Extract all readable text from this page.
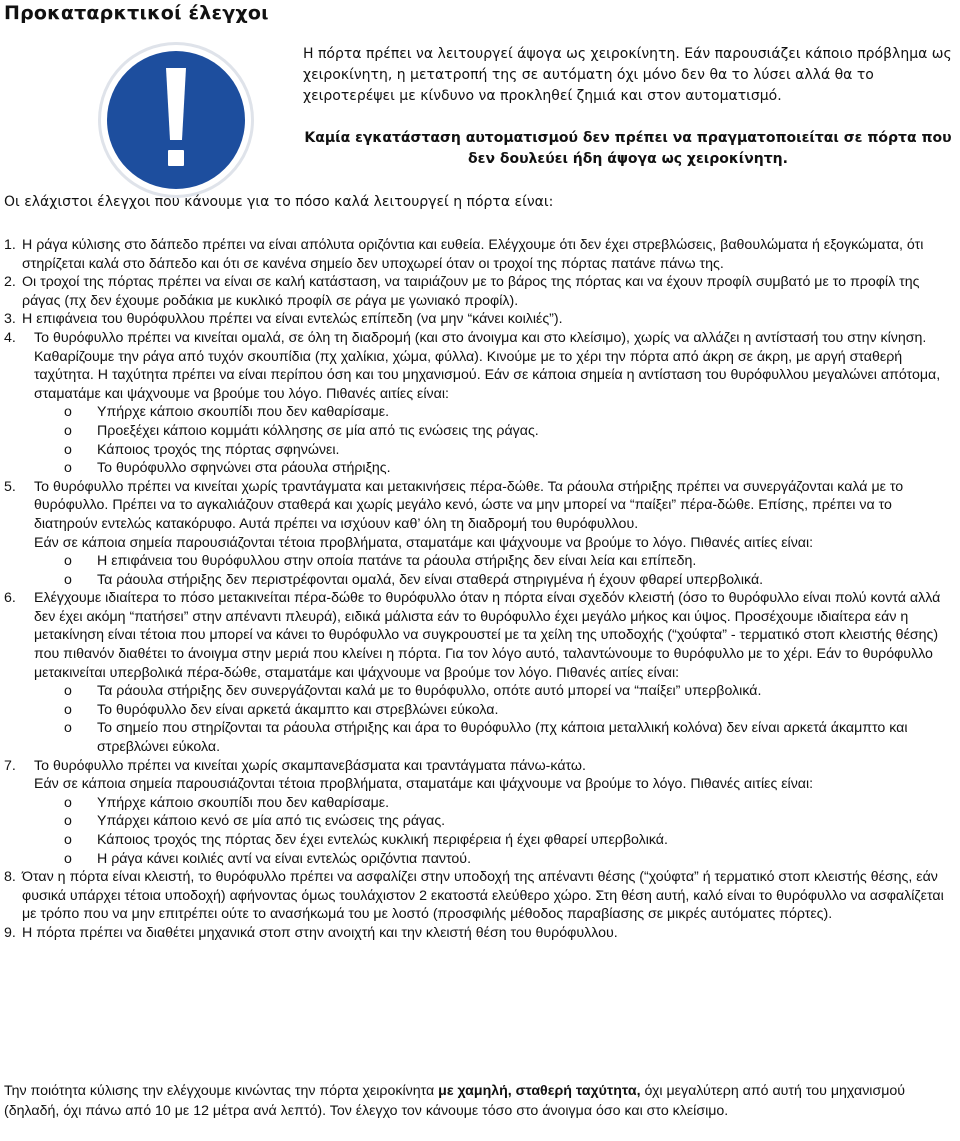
Προκαταρκτικοί έλεγχοι

Η πόρτα πρέπει να λειτουργεί άψογα ως χειροκίνητη. Εάν παρουσιάζει κάποιο πρόβλημα ως χειροκίνητη, η μετατροπή της σε αυτόματη όχι μόνο δεν θα το λύσει αλλά θα το χειροτερέψει με κίνδυνο να προκληθεί ζημιά και στον αυτοματισμό.

Καμία εγκατάσταση αυτοματισμού δεν πρέπει να πραγματοποιείται σε πόρτα που δεν δουλεύει ήδη άψογα ως χειροκίνητη.

Οι ελάχιστοι έλεγχοι που κάνουμε για το πόσο καλά λειτουργεί η πόρτα είναι:

1. Η ράγα κύλισης στο δάπεδο πρέπει να είναι απόλυτα οριζόντια και ευθεία. Ελέγχουμε ότι δεν έχει στρεβλώσεις, βαθουλώματα ή εξογκώματα, ότι στηρίζεται καλά στο δάπεδο και ότι σε κανένα σημείο δεν υποχωρεί όταν οι τροχοί της πόρτας πατάνε πάνω της.
2. Οι τροχοί της πόρτας πρέπει να είναι σε καλή κατάσταση, να ταιριάζουν με το βάρος της πόρτας και να έχουν προφίλ συμβατό με το προφίλ της ράγας (πχ δεν έχουμε ροδάκια με κυκλικό προφίλ σε ράγα με γωνιακό προφίλ).
3. Η επιφάνεια του θυρόφυλλου πρέπει να είναι εντελώς επίπεδη (να μην “κάνει κοιλιές”).
4.	Το θυρόφυλλο πρέπει να κινείται ομαλά, σε όλη τη διαδρομή (και στο άνοιγμα και στο κλείσιμο), χωρίς να αλλάζει η αντίστασή του στην κίνηση. Καθαρίζουμε την ράγα από τυχόν σκουπίδια (πχ χαλίκια, χώμα, φύλλα). Κινούμε με το χέρι την πόρτα από άκρη σε άκρη, με αργή σταθερή ταχύτητα. Η ταχύτητα πρέπει να είναι περίπου όση και του μηχανισμού. Εάν σε κάποια σημεία η αντίσταση του θυρόφυλλου μεγαλώνει απότομα, σταματάμε και ψάχνουμε να βρούμε του λόγο. Πιθανές αιτίες είναι:
o	Υπήρχε κάποιο σκουπίδι που δεν καθαρίσαμε.
o	Προεξέχει κάποιο κομμάτι κόλλησης σε μία από τις ενώσεις της ράγας.
o	Κάποιος τροχός της πόρτας σφηνώνει.
o	Το θυρόφυλλο σφηνώνει στα ράουλα στήριξης.
5.	Το θυρόφυλλο πρέπει να κινείται χωρίς τραντάγματα και μετακινήσεις πέρα-δώθε. Τα ράουλα στήριξης πρέπει να συνεργάζονται καλά με το θυρόφυλλο. Πρέπει να το αγκαλιάζουν σταθερά και χωρίς μεγάλο κενό, ώστε να μην μπορεί να “παίξει” πέρα-δώθε. Επίσης, πρέπει να το διατηρούν εντελώς κατακόρυφο. Αυτά πρέπει να ισχύουν καθ’ όλη τη διαδρομή του θυρόφυλλου.
Εάν σε κάποια σημεία παρουσιάζονται τέτοια προβλήματα, σταματάμε και ψάχνουμε να βρούμε το λόγο. Πιθανές αιτίες είναι:
o	Η επιφάνεια του θυρόφυλλου στην οποία πατάνε τα ράουλα στήριξης δεν είναι λεία και επίπεδη.
o	Τα ράουλα στήριξης δεν περιστρέφονται ομαλά, δεν είναι σταθερά στηριγμένα ή έχουν φθαρεί υπερβολικά.
6.	Ελέγχουμε ιδιαίτερα το πόσο μετακινείται πέρα-δώθε το θυρόφυλλο όταν η πόρτα είναι σχεδόν κλειστή (όσο το θυρόφυλλο είναι πολύ κοντά αλλά δεν έχει ακόμη “πατήσει” στην απέναντι πλευρά), ειδικά μάλιστα εάν το θυρόφυλλο έχει μεγάλο μήκος και ύψος. Προσέχουμε ιδιαίτερα εάν η μετακίνηση είναι τέτοια που μπορεί να κάνει το θυρόφυλλο να συγκρουστεί με τα χείλη της υποδοχής (“χούφτα” - τερματικό στοπ κλειστής θέσης) που πιθανόν διαθέτει το άνοιγμα στην μεριά που κλείνει η πόρτα. Για τον λόγο αυτό, ταλαντώνουμε το θυρόφυλλο με το χέρι. Εάν το θυρόφυλλο μετακινείται υπερβολικά πέρα-δώθε, σταματάμε και ψάχνουμε να βρούμε τον λόγο. Πιθανές αιτίες είναι:
o	Τα ράουλα στήριξης δεν συνεργάζονται καλά με το θυρόφυλλο, οπότε αυτό μπορεί να “παίξει” υπερβολικά.
o	Το θυρόφυλλο δεν είναι αρκετά άκαμπτο και στρεβλώνει εύκολα.
o	Το σημείο που στηρίζονται τα ράουλα στήριξης και άρα το θυρόφυλλο (πχ κάποια μεταλλική κολόνα) δεν είναι αρκετά άκαμπτο και στρεβλώνει εύκολα.
7.	Το θυρόφυλλο πρέπει να κινείται χωρίς σκαμπανεβάσματα και τραντάγματα πάνω-κάτω.
Εάν σε κάποια σημεία παρουσιάζονται τέτοια προβλήματα, σταματάμε και ψάχνουμε να βρούμε το λόγο. Πιθανές αιτίες είναι:
o	Υπήρχε κάποιο σκουπίδι που δεν καθαρίσαμε.
o	Υπάρχει κάποιο κενό σε μία από τις ενώσεις της ράγας.
o	Κάποιος τροχός της πόρτας δεν έχει εντελώς κυκλική περιφέρεια ή έχει φθαρεί υπερβολικά.
o	Η ράγα κάνει κοιλιές αντί να είναι εντελώς οριζόντια παντού.
8. Όταν η πόρτα είναι κλειστή, το θυρόφυλλο πρέπει να ασφαλίζει στην υποδοχή της απέναντι θέσης (“χούφτα” ή τερματικό στοπ κλειστής θέσης, εάν φυσικά υπάρχει τέτοια υποδοχή) αφήνοντας όμως τουλάχιστον 2 εκατοστά ελεύθερο χώρο. Στη θέση αυτή, καλό είναι το θυρόφυλλο να ασφαλίζεται με τρόπο που να μην επιτρέπει ούτε το ανασήκωμά του με λοστό (προσφιλής μέθοδος παραβίασης σε μικρές αυτόματες πόρτες).
9. Η πόρτα πρέπει να διαθέτει μηχανικά στοπ στην ανοιχτή και την κλειστή θέση του θυρόφυλλου.

Την ποιότητα κύλισης την ελέγχουμε κινώντας την πόρτα χειροκίνητα με χαμηλή, σταθερή ταχύτητα, όχι μεγαλύτερη από αυτή του μηχανισμού (δηλαδή, όχι πάνω από 10 με 12 μέτρα ανά λεπτό). Τον έλεγχο τον κάνουμε τόσο στο άνοιγμα όσο και στο κλείσιμο.
